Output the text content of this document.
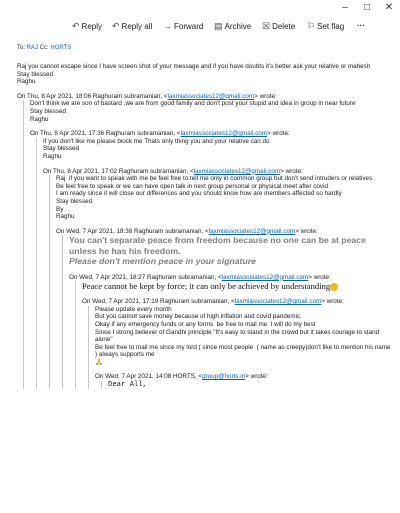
–	□	✕
↶ Reply ↶ Reply all → Forward ▤ Archive ☒ Delete ⚐ Set flag ···
To: RAJ Cc: HORTS

Raj you cannot escape since I have screen shot of your message and if you have doubts it's better ask your relative or mahesh

Stay blessed

Raghu

On Thu, 8 Apr 2021, 18:06 Raghuram subramanian, <laxmiassociates12@gmail.com> wrote:

Don't think we are son of bastard ,we are from good family and don't post your stupid and idea in group in near future

Stay blessed

Raghu

On Thu, 8 Apr 2021, 17:36 Raghuram subramanian, <laxmiassociates12@gmail.com> wrote:

If you don't like me please block me Thats only thing you and your relative can do

Stay blessed

Raghu

On Thu, 8 Apr 2021, 17:02 Raghuram subramanian, <laxmiassociates12@gmail.com> wrote:

Raj  if you want to speak with me be feel free to.tell me only in common group but don't send intruders or relatives

Be feel free to speak or we can have open talk in next group personal or physical meet after covid

I am ready since it will close our differences and you should know how are members affected so hardly

Stay blessed

By

Raghu

On Wed, 7 Apr 2021, 18:38 Raghuram subramanian, <laxmiassociates12@gmail.com> wrote:

You can't separate peace from freedom because no one can be at peace unless he has his freedom.

Please don't mention peace in your signature

On Wed, 7 Apr 2021, 18:27 Raghuram subramanian, <laxmiassociates12@gmail.com> wrote:

Peace cannot be kept by force; it can only be achieved by understanding

On Wed, 7 Apr 2021, 17:19 Raghuram subramanian, <laxmiassociates12@gmail.com> wrote:

Please update every month

But you cannot save money because of high inflation and covid pandemic

Okay if any emergency funds or any forms  be free to mail me  I will do my best

Since I strong believer of Gandhi principle "It's easy to stand in the crowd but it takes courage to stand alone"

Be feel free to mail me since my lord ( since most people  ( name as creepy)don't like to mention his name ) always supports me

🙏

On Wed, 7 Apr 2021, 14:08 HORTS, <group@horts.in> wrote:

Dear All,
